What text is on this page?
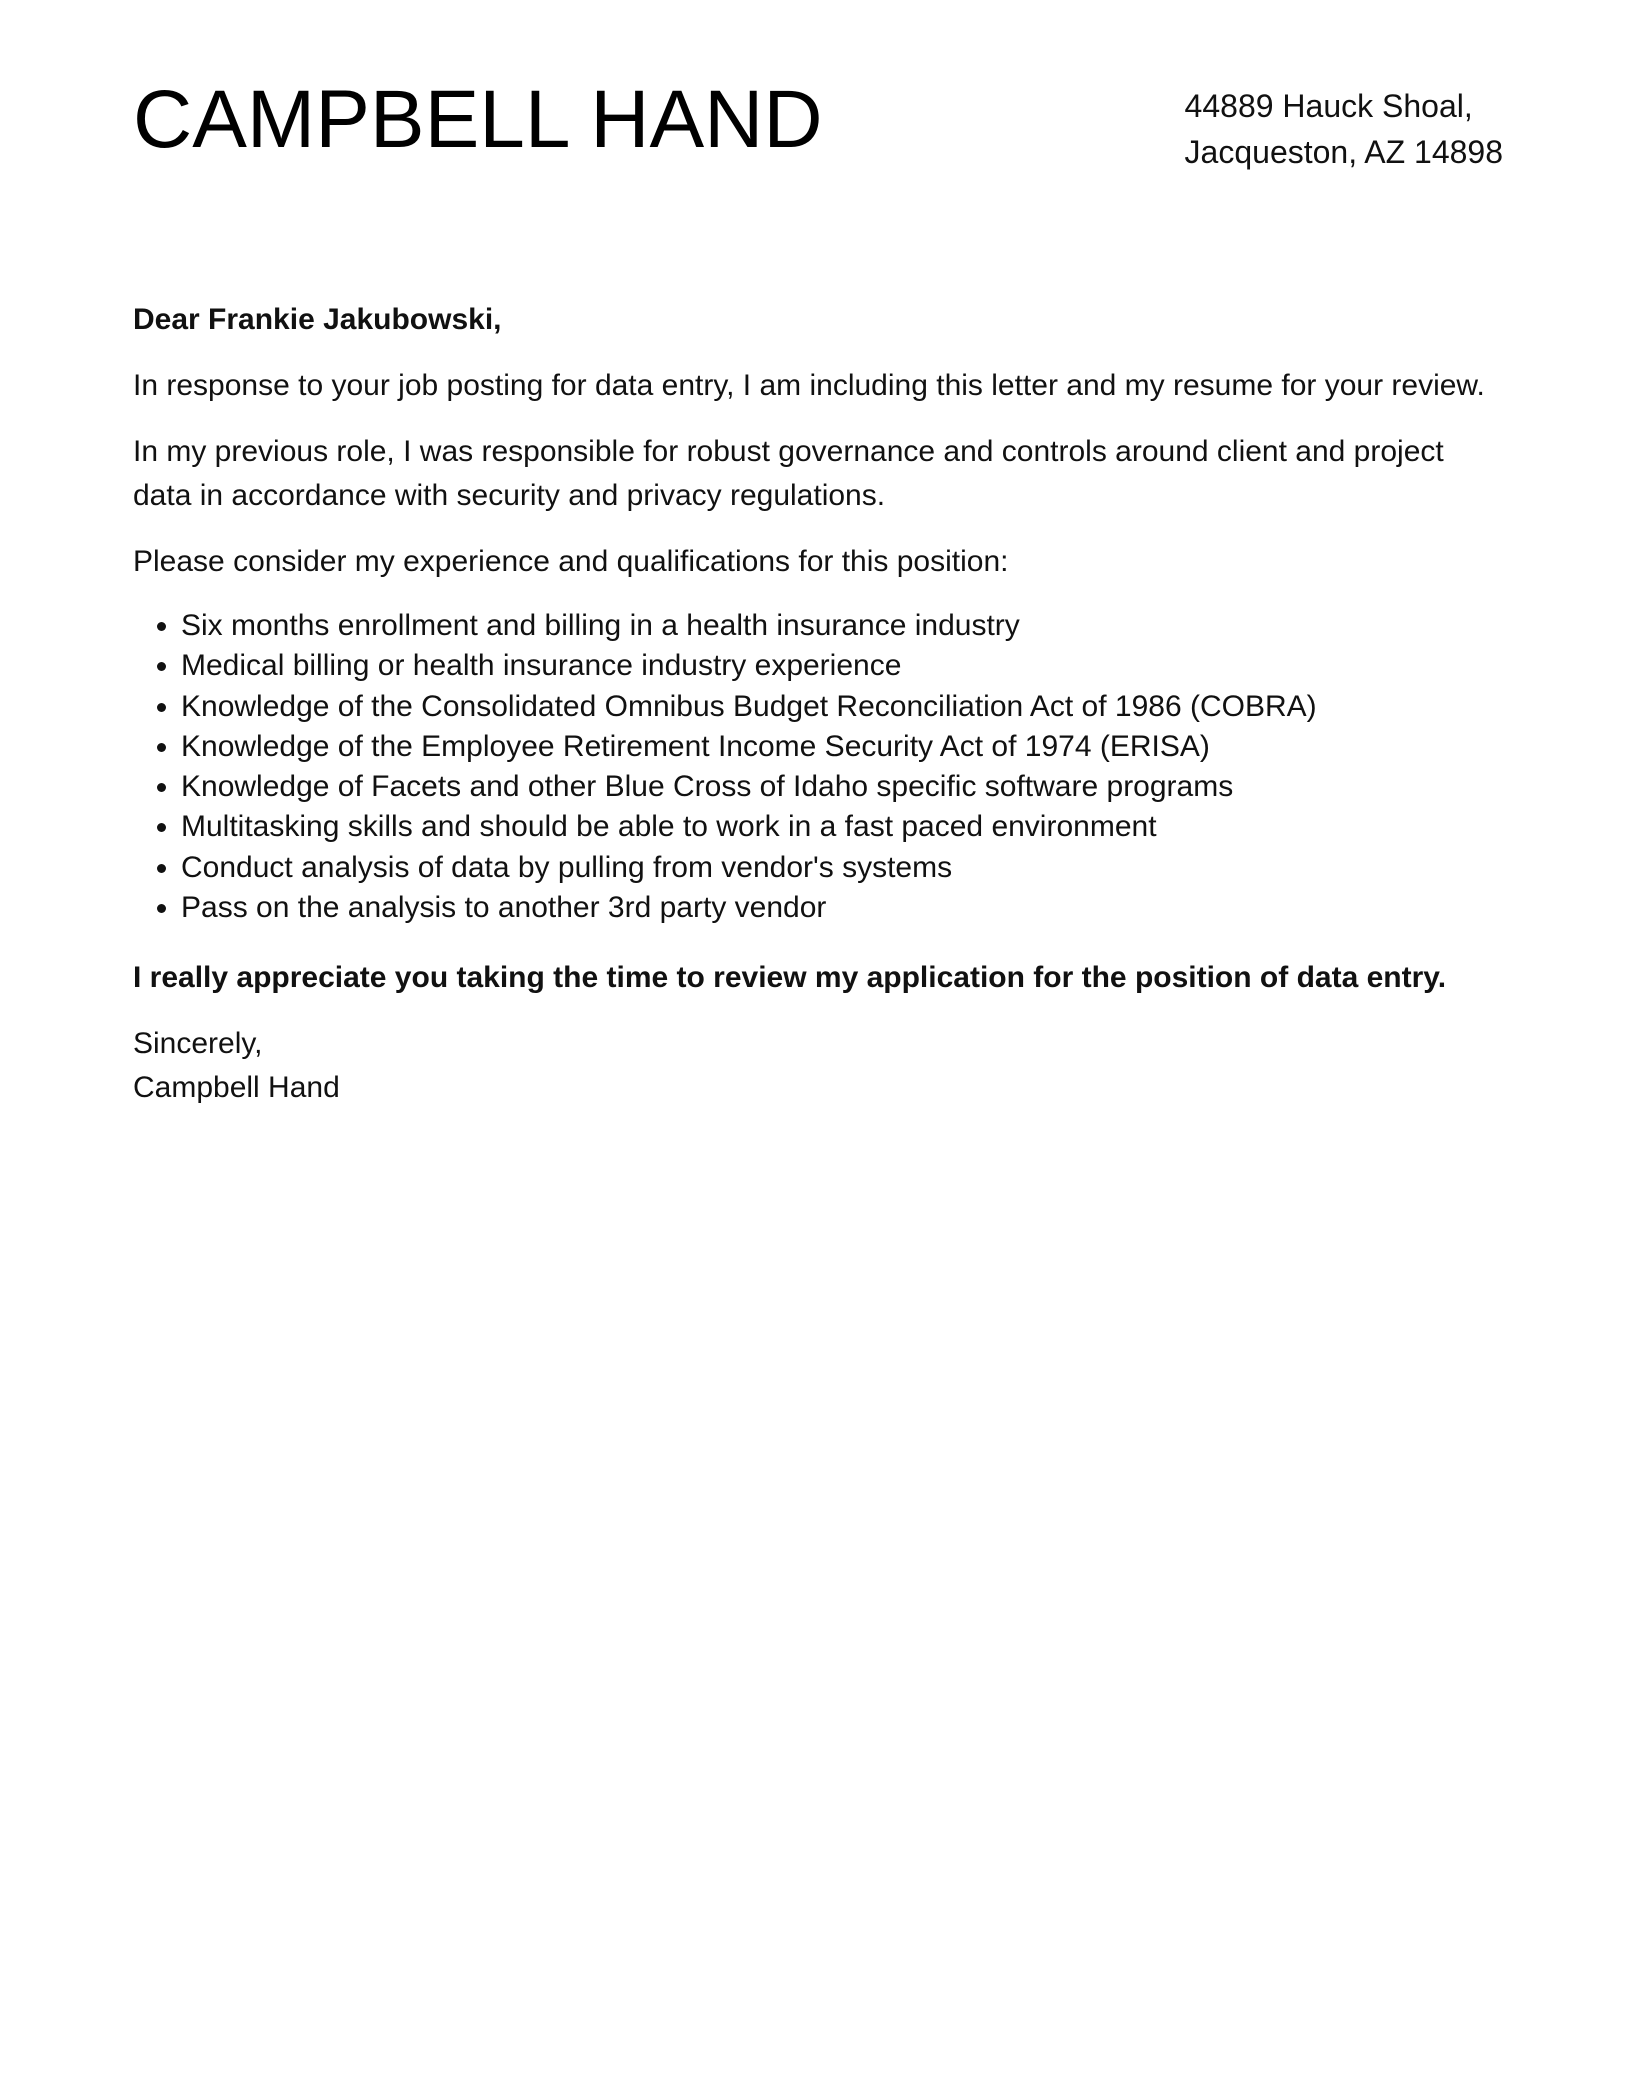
CAMPBELL HAND	44889 Hauck Shoal,
Jacqueston, AZ 14898

Dear Frankie Jakubowski,

In response to your job posting for data entry, I am including this letter and my resume for your review.

In my previous role, I was responsible for robust governance and controls around client and project data in accordance with security and privacy regulations.

Please consider my experience and qualifications for this position:

• Six months enrollment and billing in a health insurance industry
• Medical billing or health insurance industry experience
• Knowledge of the Consolidated Omnibus Budget Reconciliation Act of 1986 (COBRA)
• Knowledge of the Employee Retirement Income Security Act of 1974 (ERISA)
• Knowledge of Facets and other Blue Cross of Idaho specific software programs
• Multitasking skills and should be able to work in a fast paced environment
• Conduct analysis of data by pulling from vendor's systems
• Pass on the analysis to another 3rd party vendor

I really appreciate you taking the time to review my application for the position of data entry.

Sincerely,
Campbell Hand
